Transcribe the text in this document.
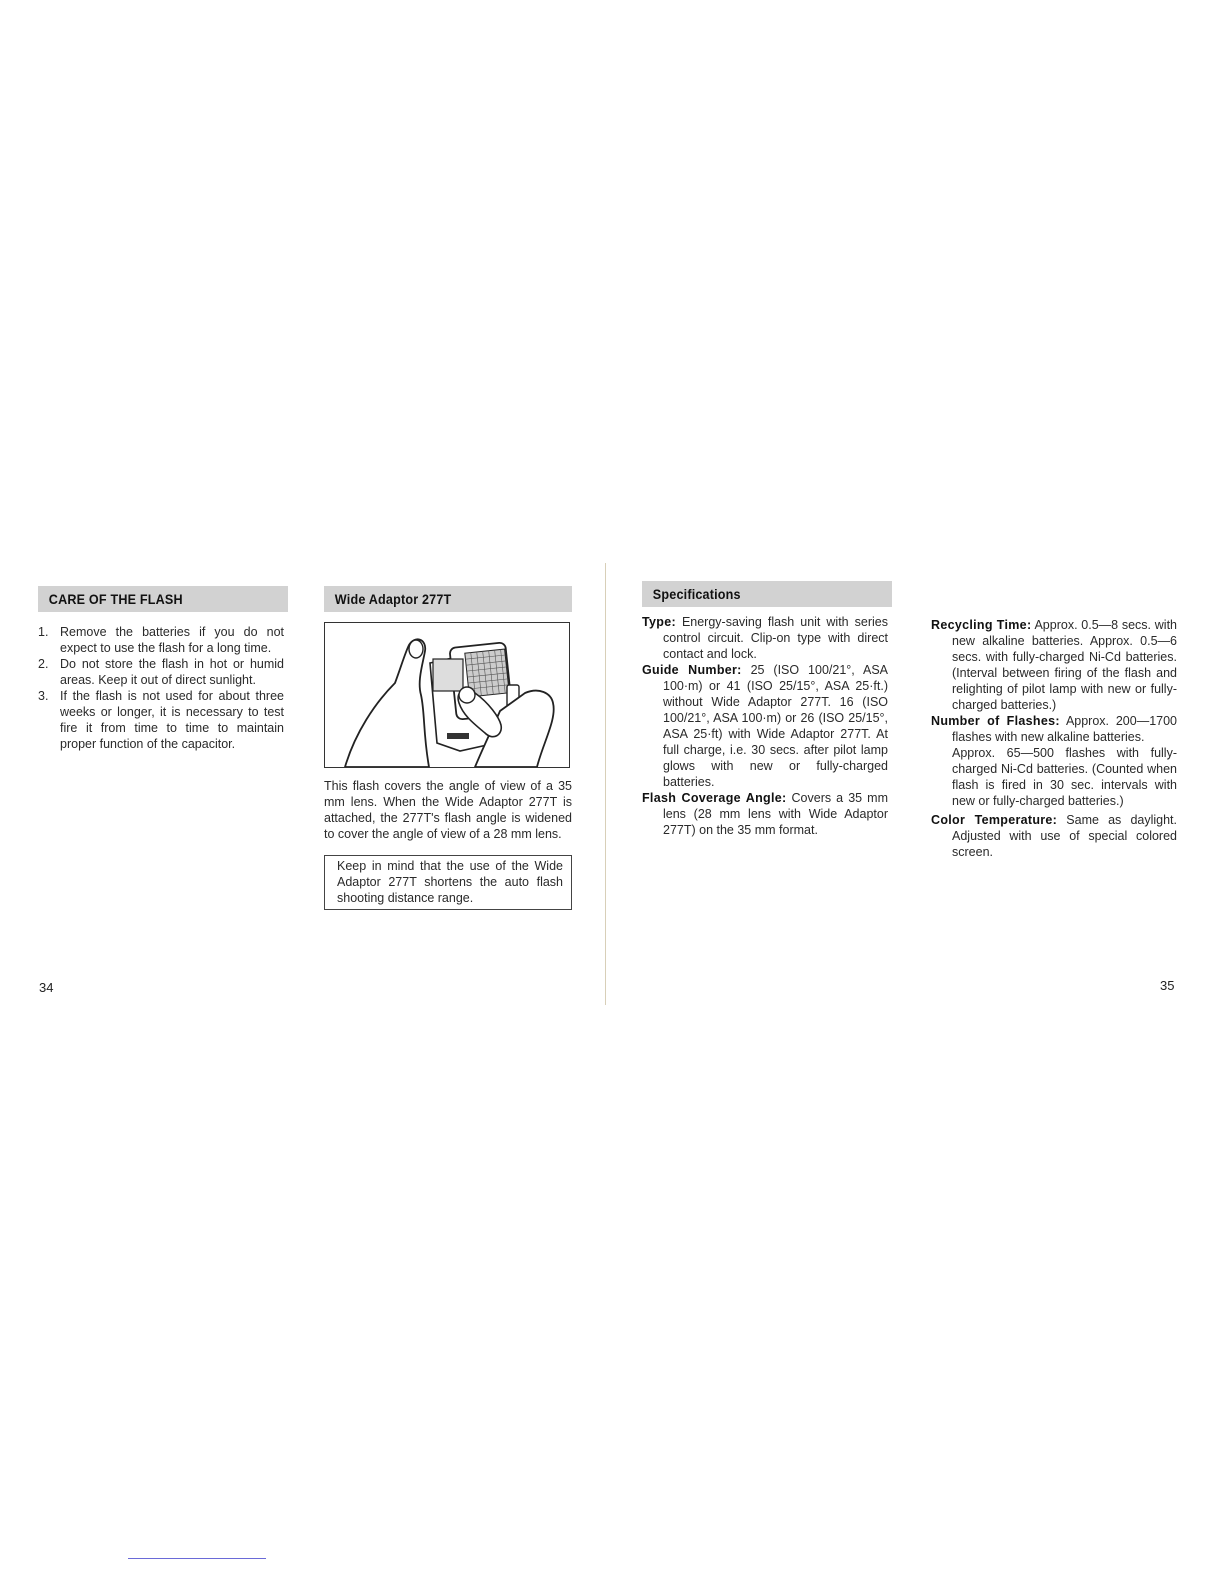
CARE OF THE FLASH
1. Remove the batteries if you do not expect to use the flash for a long time.
2. Do not store the flash in hot or humid areas. Keep it out of direct sunlight.
3. If the flash is not used for about three weeks or longer, it is necessary to test fire it from time to time to maintain proper function of the capacitor.
Wide Adaptor 277T

This flash covers the angle of view of a 35 mm lens. When the Wide Adaptor 277T is attached, the 277T's flash angle is widened to cover the angle of view of a 28 mm lens.

Keep in mind that the use of the Wide Adaptor 277T shortens the auto flash shooting distance range.
Specifications
Type: Energy-saving flash unit with series control circuit. Clip-on type with direct contact and lock.
Guide Number: 25 (ISO 100/21°, ASA 100·m) or 41 (ISO 25/15°, ASA 25·ft.) without Wide Adaptor 277T. 16 (ISO 100/21°, ASA 100·m) or 26 (ISO 25/15°, ASA 25·ft) with Wide Adaptor 277T. At full charge, i.e. 30 secs. after pilot lamp glows with new or fully-charged batteries.
Flash Coverage Angle: Covers a 35 mm lens (28 mm lens with Wide Adaptor 277T) on the 35 mm format.
Recycling Time: Approx. 0.5—8 secs. with new alkaline batteries. Approx. 0.5—6 secs. with fully-charged Ni-Cd batteries. (Interval between firing of the flash and relighting of pilot lamp with new or fully-charged batteries.)
Number of Flashes: Approx. 200—1700 flashes with new alkaline batteries.
Approx. 65—500 flashes with fully-charged Ni-Cd batteries. (Counted when flash is fired in 30 sec. intervals with new or fully-charged batteries.)
Color Temperature: Same as daylight. Adjusted with use of special colored screen.
34	35
